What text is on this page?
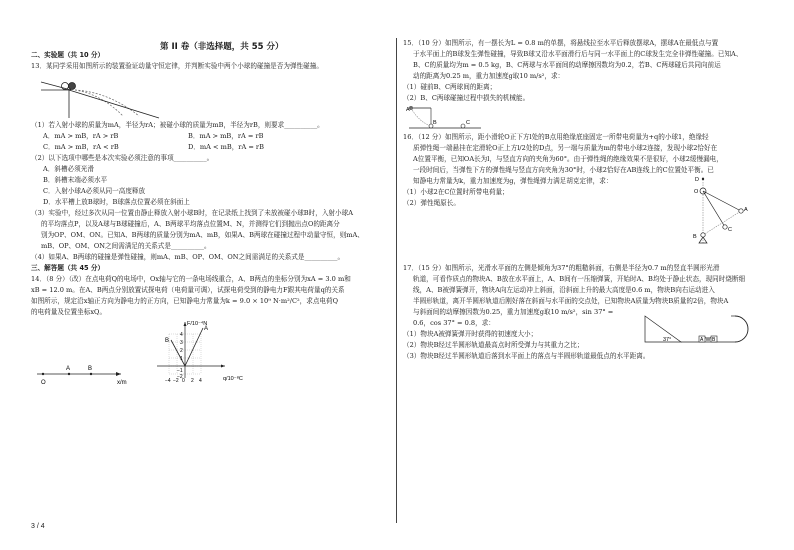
第 II 卷（非选择题，共 55 分）
二、实验题（共 10 分）
13．某同学采用如图所示的装置验证动量守恒定律，并判断实验中两个小球的碰撞是否为弹性碰撞。
（1）若入射小球的质量为mA，半径为rA；被碰小球的质量为mB，半径为rB，则要求__________。
A．mA > mB，rA > rB	B．mA > mB，rA = rB
C．mA > mB，rA < rB	D．mA < mB，rA = rB
（2）以下选项中哪些是本次实验必须注意的事项__________。
A．斜槽必须光滑
B．斜槽末端必须水平
C．入射小球A必须从同一高度释放
D．水平槽上放B球时，B球落点位置必须在斜面上
（3）实验中，经过多次从同一位置由静止释放入射小球B时，在记录纸上找到了未放被碰小球B时，入射小球A
的平均落点P，以及A球与B球碰撞后，A、B两球平均落点位置M、N，并测得它们到抛出点O的距离分
别为OP、OM、ON。已知A、B两球的质量分别为mA、mB，如果A、B两球在碰撞过程中动量守恒，则mA、
mB、OP、OM、ON之间需满足的关系式是__________。
（4）如果A、B两球的碰撞是弹性碰撞，则mA、mB、OP、OM、ON之间需满足的关系式是__________。
三、解答题（共 45 分）
14．（8 分）（改）在点电荷Q的电场中，Ox轴与它的一条电场线重合，A、B两点的坐标分别为xA = 3.0 m和
xB = 12.0 m。在A、B两点分别放置试探电荷（电荷量可调），试探电荷受到的静电力F跟其电荷量q的关系
如图所示，规定沿x轴正方向为静电力的正方向，已知静电力常量为k = 9.0 × 10⁹ N·m²/C²，求点电荷Q
的电荷量及位置坐标xQ。
O
A	B
x/m
F/10⁻⁴N
q/10⁻⁸C
A
B
−4 −2 0 2 4
4
3
2
1
−1
−2
15．（10 分）如图所示，有一摆长为L = 0.8 m的单摆，将悬线拉至水平后释放摆球A，摆球A在最低点与置
于水平面上的B球发生弹性碰撞，导致B球又沿水平面滑行后与同一水平面上的C球发生完全非弹性碰撞。已知A、
B、C的质量均为m = 0.5 kg，B、C两球与水平面间的动摩擦因数均为0.2，若B、C两球碰后共同向前运
动的距离为0.25 m，重力加速度g取10 m/s²，求：
（1）碰前B、C两球间的距离；
（2）B、C两球碰撞过程中损失的机械能。
A
B	C
16．（12 分）如图所示，距小滑轮O正下方l处的B点用绝缘底座固定一所带电荷量为+q的小球1，绝缘轻
质弹性绳一端悬挂在定滑轮O正上方l/2处的D点，另一端与质量为m的带电小球2连接，发现小球2恰好在
A位置平衡，已知OA长为l，与竖直方向的夹角为60°。由于弹性绳的绝缘效果不是很好，小球2缓慢漏电，
一段时间后，当弹性下方的弹性绳与竖直方向夹角为30°时，小球2恰好在AB连线上的C位置处平衡。已
知静电力常量为k，重力加速度为g，弹性绳弹力满足胡克定律，求：
（1）小球2在C位置时所带电荷量；
（2）弹性绳原长。
D
O
A
C
B
17．（15 分）如图所示，光滑水平面的左侧是倾角为37°的粗糙斜面，右侧是半径为0.7 m的竖直半圆形光滑
轨道，可看作质点的物块A、B放在水平面上，A、B间有一压缩弹簧，开始时A、B均处于静止状态，现同时烧断细
线，A、B被弹簧弹开，物块A向左运动冲上斜面，沿斜面上升的最大高度是0.6 m，物块B向右运动进入
半圆形轨道，离开半圆形轨道后刚好落在斜面与水平面的交点处，已知物块A质量为物块B质量的2倍，物块A
与斜面间的动摩擦因数为0.25，重力加速度g取10 m/s²，sin 37° =
0.6，cos 37° = 0.8，求：
（1）物块A被弹簧弹开时获得的初速度大小；
（2）物块B经过半圆形轨道最高点时所受弹力与其重力之比；
（3）物块B经过半圆形轨道后落到水平面上的落点与半圆形轨道最低点的水平距离。
37°	A B
3 / 4
